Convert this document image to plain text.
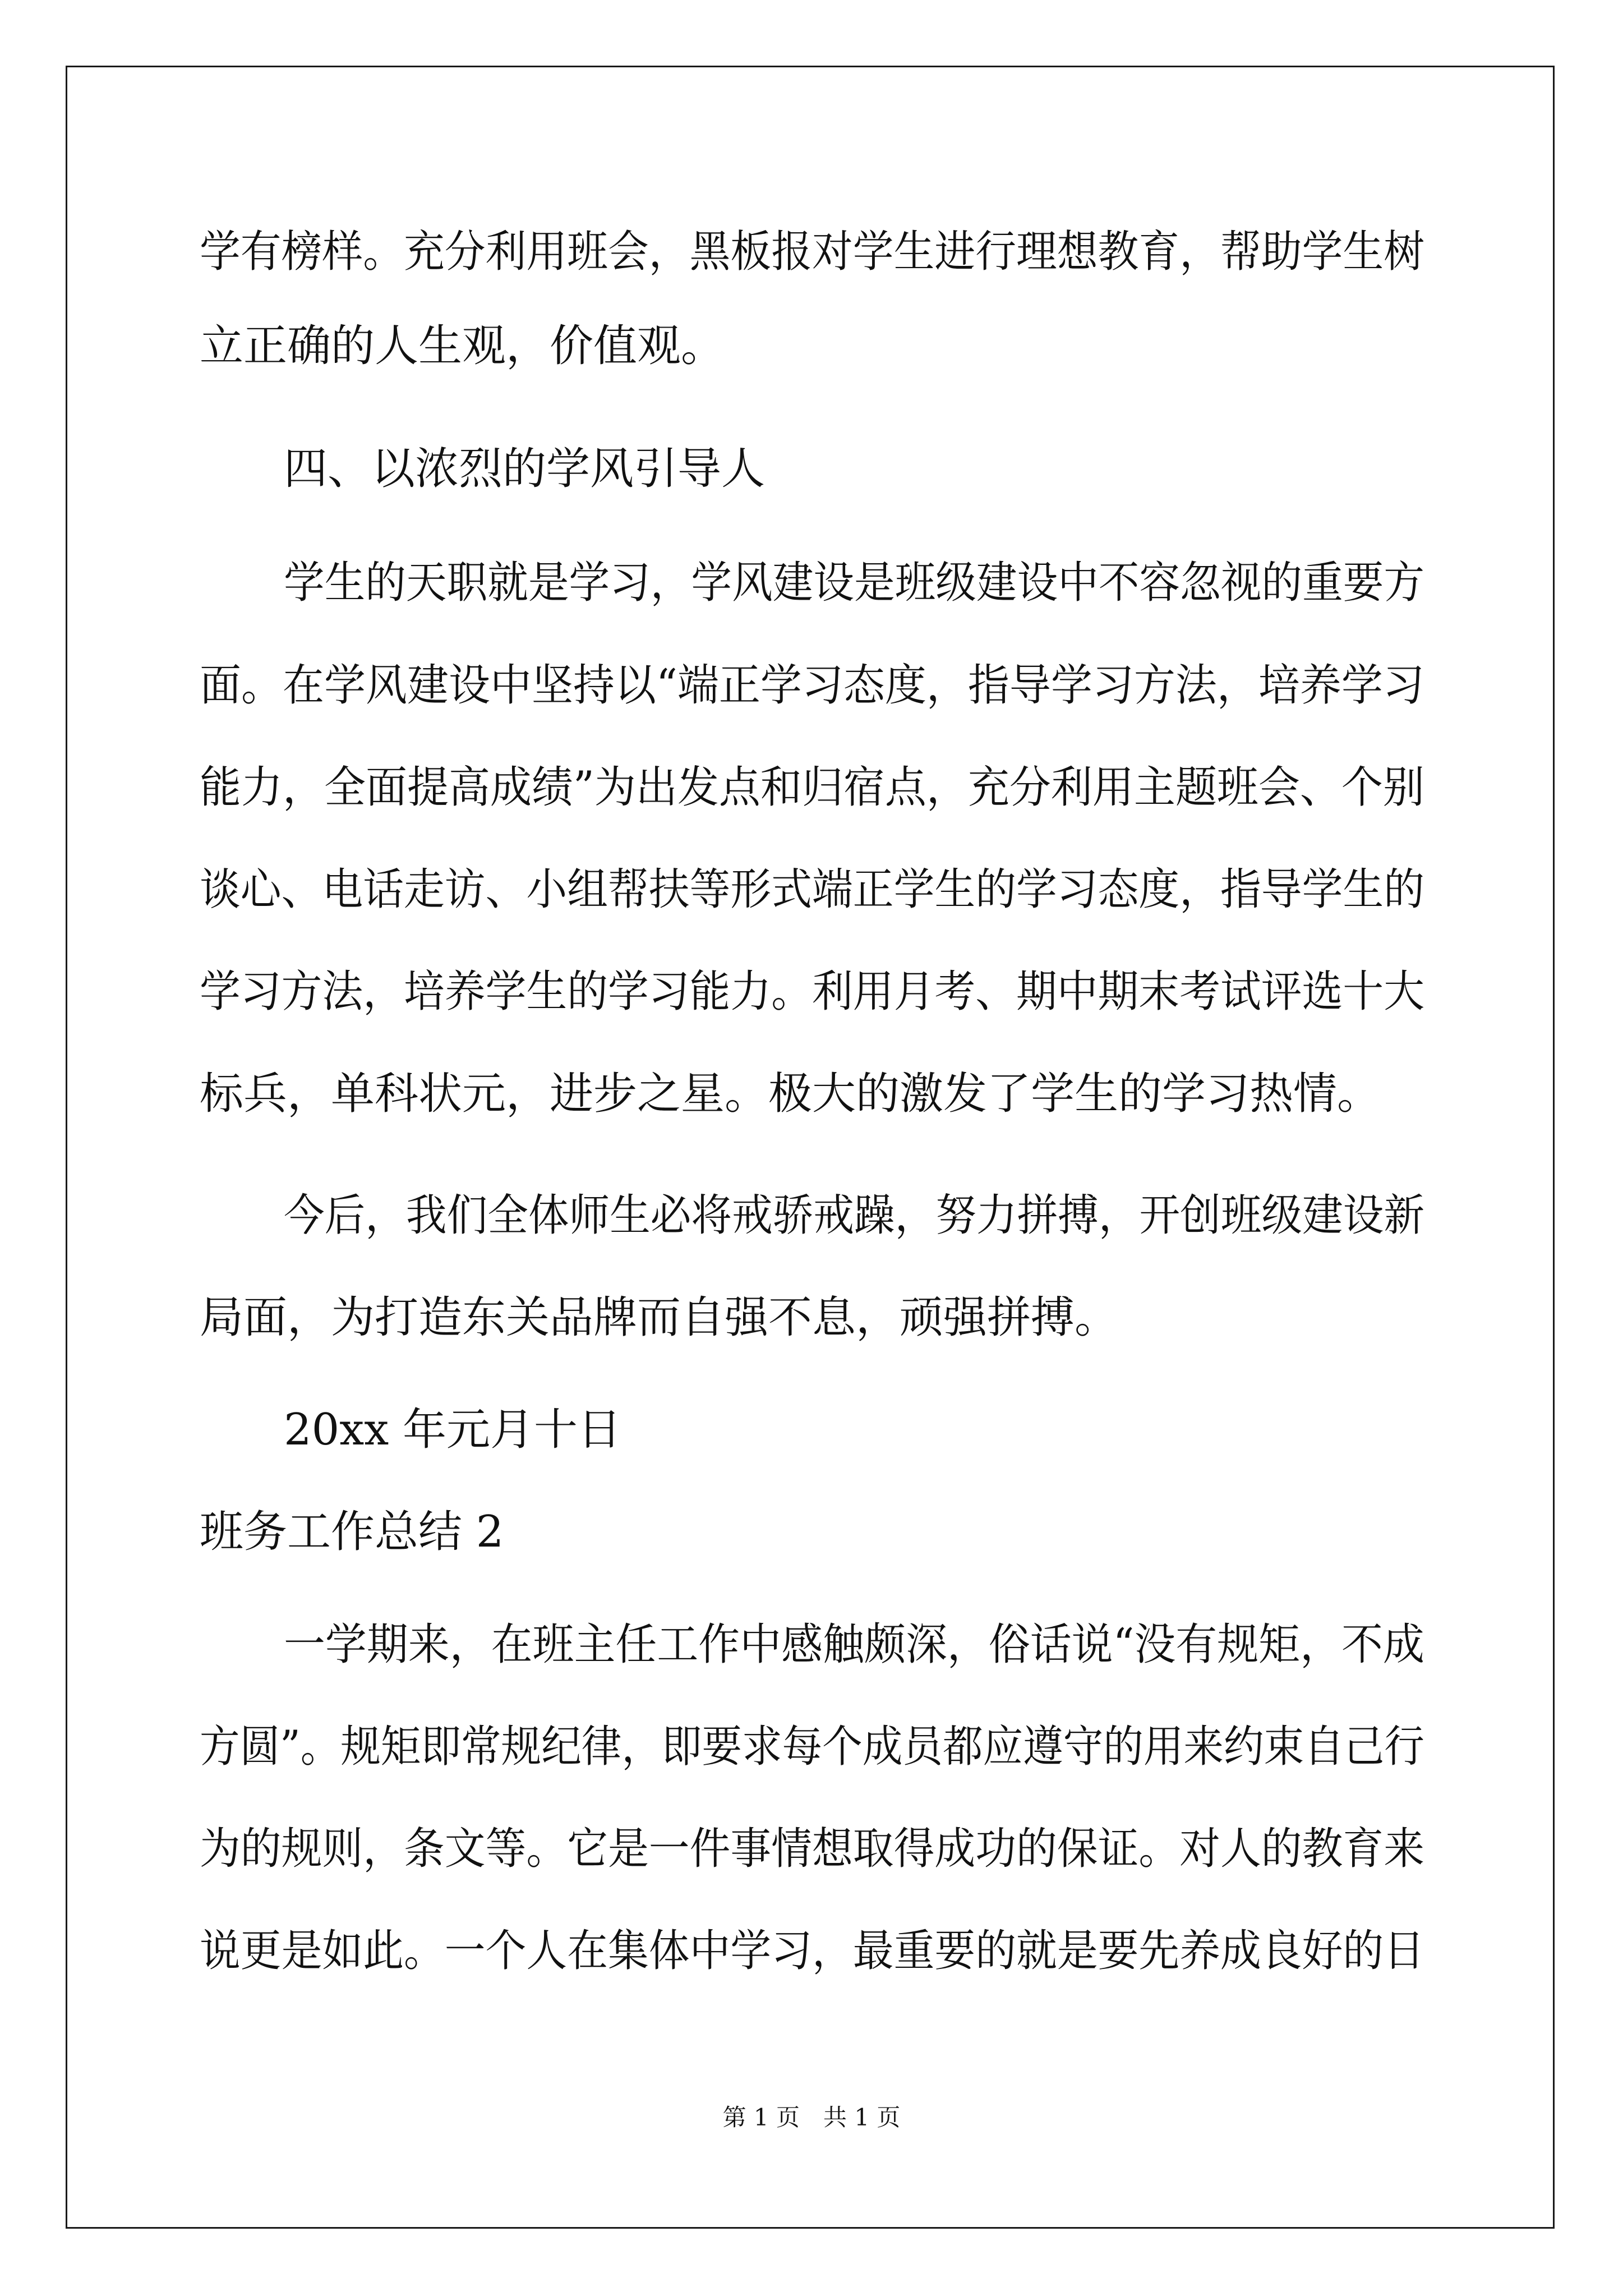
学有榜样。充分利用班会，黑板报对学生进行理想教育，帮助学生树
立正确的人生观，价值观。
四、以浓烈的学风引导人
学生的天职就是学习，学风建设是班级建设中不容忽视的重要方
面。在学风建设中坚持以“端正学习态度，指导学习方法，培养学习
能力，全面提高成绩”为出发点和归宿点，充分利用主题班会、个别
谈心、电话走访、小组帮扶等形式端正学生的学习态度，指导学生的
学习方法，培养学生的学习能力。利用月考、期中期末考试评选十大
标兵，单科状元，进步之星。极大的激发了学生的学习热情。
今后，我们全体师生必将戒骄戒躁，努力拼搏，开创班级建设新
局面，为打造东关品牌而自强不息，顽强拼搏。
20xx 年元月十日
班务工作总结 2
一学期来，在班主任工作中感触颇深，俗话说“没有规矩，不成
方圆”。规矩即常规纪律，即要求每个成员都应遵守的用来约束自己行
为的规则，条文等。它是一件事情想取得成功的保证。对人的教育来
说更是如此。一个人在集体中学习，最重要的就是要先养成良好的日
第 1 页　共 1 页
